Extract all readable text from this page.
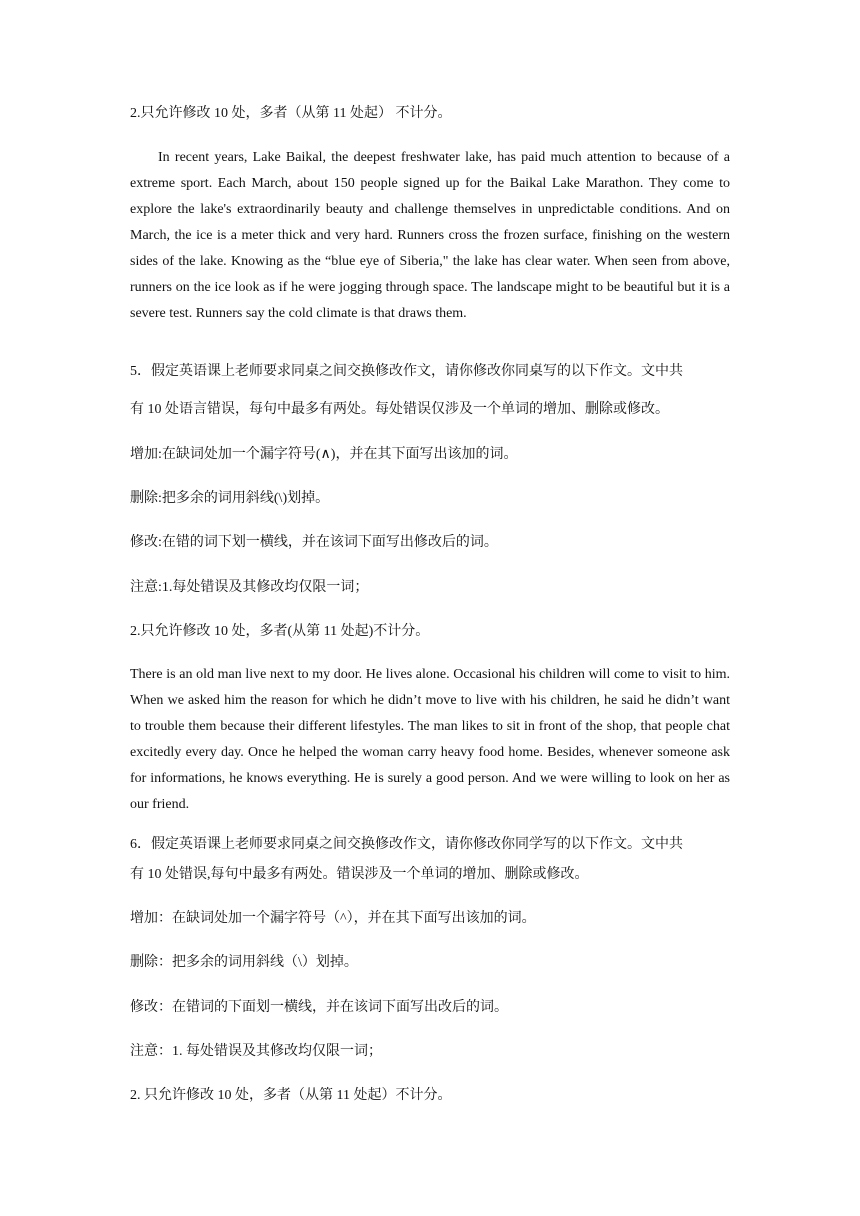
2.只允许修改 10 处，多者（从第 11 处起） 不计分。

In recent years, Lake Baikal, the deepest freshwater lake, has paid much attention to because of a extreme sport. Each March, about 150 people signed up for the Baikal Lake Marathon. They come to explore the lake's extraordinarily beauty and challenge themselves in unpredictable conditions. And on March, the ice is a meter thick and very hard. Runners cross the frozen surface, finishing on the western sides of the lake. Knowing as the “blue eye of Siberia," the lake has clear water. When seen from above, runners on the ice look as if he were jogging through space. The landscape might to be beautiful but it is a severe test. Runners say the cold climate is that draws them.

5．假定英语课上老师要求同桌之间交换修改作文，请你修改你同桌写的以下作文。文中共

有 10 处语言错误，每句中最多有两处。每处错误仅涉及一个单词的增加、删除或修改。

增加:在缺词处加一个漏字符号(∧)，并在其下面写出该加的词。

删除:把多余的词用斜线(\)划掉。

修改:在错的词下划一横线，并在该词下面写出修改后的词。

注意:1.每处错误及其修改均仅限一词；

2.只允许修改 10 处，多者(从第 11 处起)不计分。

There is an old man live next to my door. He lives alone. Occasional his children will come to visit to him. When we asked him the reason for which he didn’t move to live with his children, he said he didn’t want to trouble them because their different lifestyles. The man likes to sit in front of the shop, that people chat excitedly every day. Once he helped the woman carry heavy food home. Besides, whenever someone ask for informations, he knows everything. He is surely a good person. And we were willing to look on her as our friend.

6．假定英语课上老师要求同桌之间交换修改作文，请你修改你同学写的以下作文。文中共

有 10 处错误,每句中最多有两处。错误涉及一个单词的增加、删除或修改。

增加：在缺词处加一个漏字符号（^），并在其下面写出该加的词。

删除：把多余的词用斜线（\）划掉。

修改：在错词的下面划一横线，并在该词下面写出改后的词。

注意：1. 每处错误及其修改均仅限一词；

2. 只允许修改 10 处，多者（从第 11 处起）不计分。
